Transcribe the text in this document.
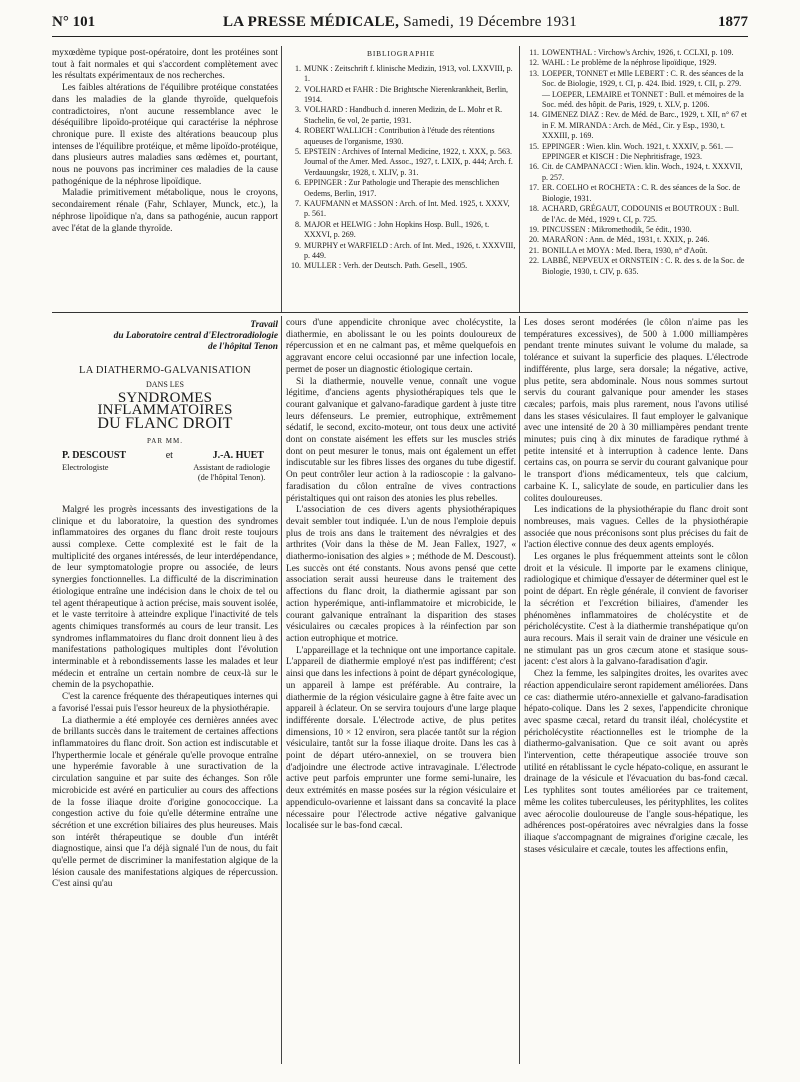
N° 101	LA PRESSE MÉDICALE, Samedi, 19 Décembre 1931	1877

myxœdème typique post-opératoire, dont les protéines sont tout à fait normales et qui s'accordent complètement avec les résultats expérimentaux de nos recherches.

Les faibles altérations de l'équilibre protéique constatées dans les maladies de la glande thyroïde, quelquefois contradictoires, n'ont aucune ressemblance avec le déséquilibre lipoïdo-protéique qui caractérise la néphrose chronique pure. Il existe des altérations beaucoup plus intenses de l'équilibre protéique, et même lipoïdo-protéique, dans plusieurs autres maladies sans œdèmes et, pourtant, nous ne pouvons pas incriminer ces maladies de la cause pathogénique de la néphrose lipoïdique.

Maladie primitivement métabolique, nous le croyons, secondairement rénale (Fahr, Schlayer, Munck, etc.), la néphrose lipoïdique n'a, dans sa pathogénie, aucun rapport avec l'état de la glande thyroïde.

BIBLIOGRAPHIE
1. MUNK : Zeitschrift f. klinische Medizin, 1913, vol. LXXVIII, p. 1.
2. VOLHARD et FAHR : Die Brightsche Nierenkrankheit, Berlin, 1914.
3. VOLHARD : Handbuch d. inneren Medizin, de L. Mohr et R. Stachelin, 6e vol, 2e partie, 1931.
4. ROBERT WALLICH : Contribution à l'étude des rétentions aqueuses de l'organisme, 1930.
5. EPSTEIN : Archives of Internal Medicine, 1922, t. XXX, p. 563. Journal of the Amer. Med. Assoc., 1927, t. LXIX, p. 444; Arch. f. Verdauungskr, 1928, t. XLIV, p. 31.
6. EPPINGER : Zur Pathologie und Therapie des menschlichen Oedems, Berlin, 1917.
7. KAUFMANN et MASSON : Arch. of Int. Med. 1925, t. XXXV, p. 561.
8. MAJOR et HELWIG : John Hopkins Hosp. Bull., 1926, t. XXXVI, p. 269.
9. MURPHY et WARFIELD : Arch. of Int. Med., 1926, t. XXXVIII, p. 449.
10. MULLER : Verh. der Deutsch. Path. Gesell., 1905.
11. LOWENTHAL : Virchow's Archiv, 1926, t. CCLXI, p. 109.
12. WAHL : Le problème de la néphrose lipoïdique, 1929.
13. LOEPER, TONNET et Mlle LEBERT : C. R. des séances de la Soc. de Biologie, 1929, t. CI, p. 424. Ibid. 1929, t. CII, p. 279. — LOEPER, LEMAIRE et TONNET : Bull. et mémoires de la Soc. méd. des hôpit. de Paris, 1929, t. XLV, p. 1206.
14. GIMENEZ DIAZ : Rev. de Méd. de Barc., 1929, t. XII, n° 67 et in F. M. MIRANDA : Arch. de Méd., Cir. y Esp., 1930, t. XXXIII, p. 169.
15. EPPINGER : Wien. klin. Woch. 1921, t. XXXIV, p. 561. — EPPINGER et KISCH : Die Nephritisfrage, 1923.
16. Cit. de CAMPANACCI : Wien. klin. Woch., 1924, t. XXXVII, p. 257.
17. ER. COELHO et ROCHETA : C. R. des séances de la Soc. de Biologie, 1931.
18. ACHARD, GRÉGAUT, CODOUNIS et BOUTROUX : Bull. de l'Ac. de Méd., 1929 t. CI, p. 725.
19. PINCUSSEN : Mikromethodik, 5e édit., 1930.
20. MARAÑON : Ann. de Méd., 1931, t. XXIX, p. 246.
21. BONILLA et MOYA : Med. Ibera, 1930, n° d'Août.
22. LABBÉ, NEPVEUX et ORNSTEIN : C. R. des s. de la Soc. de Biologie, 1930, t. CIV, p. 635.
Travail
du Laboratoire central d'Electroradiologie
de l'hôpital Tenon
LA DIATHERMO-GALVANISATION
DANS LES
SYNDROMES INFLAMMATOIRES
DU FLANC DROIT
PAR MM.
P. DESCOUST	et	J.-A. HUET
Electrologiste	Assistant de radiologie
(de l'hôpital Tenon).

Malgré les progrès incessants des investigations de la clinique et du laboratoire, la question des syndromes inflammatoires des organes du flanc droit reste toujours aussi complexe. Cette complexité est le fait de la multiplicité des organes intéressés, de leur interdépendance, de leur symptomatologie propre ou associée, de leurs synergies fonctionnelles. La difficulté de la discrimination étiologique entraîne une indécision dans le choix de tel ou tel agent thérapeutique à action précise, mais souvent isolée, et le vaste territoire à atteindre explique l'inactivité de tels agents chimiques transformés au cours de leur transit. Les syndromes inflammatoires du flanc droit donnent lieu à des manifestations pathologiques multiples dont l'évolution interminable et à rebondissements lasse les malades et leur médecin et entraîne un certain nombre de ceux-là sur le chemin de la psychopathie.

C'est la carence fréquente des thérapeutiques internes qui a favorisé l'essai puis l'essor heureux de la physiothérapie.

La diathermie a été employée ces dernières années avec de brillants succès dans le traitement de certaines affections inflammatoires du flanc droit. Son action est indiscutable et l'hyperthermie locale et générale qu'elle provoque entraîne une hyperémie favorable à une suractivation de la circulation sanguine et par suite des échanges. Son rôle microbicide est avéré en particulier au cours des affections de la fosse iliaque droite d'origine gonococcique. La congestion active du foie qu'elle détermine entraîne une sécrétion et une excrétion biliaires des plus heureuses. Mais son intérêt thérapeutique se double d'un intérêt diagnostique, ainsi que l'a déjà signalé l'un de nous, du fait qu'elle permet de discriminer la manifestation algique de la lésion causale des manifestations algiques de répercussion. C'est ainsi qu'au

cours d'une appendicite chronique avec cholécystite, la diathermie, en abolissant le ou les points douloureux de répercussion et en ne calmant pas, et même quelquefois en aggravant encore celui occasionné par une infection locale, permet de poser un diagnostic étiologique certain.

Si la diathermie, nouvelle venue, connaît une vogue légitime, d'anciens agents physiothérapiques tels que le courant galvanique et galvano-faradique gardent à juste titre leurs défenseurs. Le premier, eutrophique, extrêmement sédatif, le second, excito-moteur, ont tous deux une activité dont on constate aisément les effets sur les muscles striés dont on peut mesurer le tonus, mais ont également un effet indiscutable sur les fibres lisses des organes du tube digestif. On peut contrôler leur action à la radioscopie : la galvano-faradisation du côlon entraîne de vives contractions péristaltiques qui ont raison des atonies les plus rebelles.

L'association de ces divers agents physiothérapiques devait sembler tout indiquée. L'un de nous l'emploie depuis plus de trois ans dans le traitement des névralgies et des arthrites (Voir dans la thèse de M. Jean Fallex, 1927, « diathermo-ionisation des algies » ; méthode de M. Descoust). Les succès ont été constants. Nous avons pensé que cette association serait aussi heureuse dans le traitement des affections du flanc droit, la diathermie agissant par son action hyperémique, anti-inflammatoire et microbicide, le courant galvanique entraînant la disparition des stases vésiculaires ou cæcales propices à la réinfection par son action eutrophique et motrice.

L'appareillage et la technique ont une importance capitale. L'appareil de diathermie employé n'est pas indifférent; c'est ainsi que dans les infections à point de départ gynécologique, un appareil à lampe est préférable. Au contraire, la diathermie de la région vésiculaire gagne à être faite avec un appareil à éclateur. On se servira toujours d'une large plaque indifférente dorsale. L'électrode active, de plus petites dimensions, 10 × 12 environ, sera placée tantôt sur la région vésiculaire, tantôt sur la fosse iliaque droite. Dans les cas à point de départ utéro-annexiel, on se trouvera bien d'adjoindre une électrode active intravaginale. L'électrode active peut parfois emprunter une forme semi-lunaire, les deux extrémités en masse posées sur la région vésiculaire et appendiculo-ovarienne et laissant dans sa concavité la place nécessaire pour l'électrode active négative galvanique localisée sur le bas-fond cæcal.

Les doses seront modérées (le côlon n'aime pas les températures excessives), de 500 à 1.000 milliampères pendant trente minutes suivant le volume du malade, sa tolérance et suivant la superficie des plaques. L'électrode indifférente, plus large, sera dorsale; la négative, active, plus petite, sera abdominale. Nous nous sommes surtout servis du courant galvanique pour amender les stases cæcales; parfois, mais plus rarement, nous l'avons utilisé dans les stases vésiculaires. Il faut employer le galvanique avec une intensité de 20 à 30 milliampères pendant trente minutes; puis cinq à dix minutes de faradique rythmé à petite intensité et à interruption à cadence lente. Dans certains cas, on pourra se servir du courant galvanique pour le transport d'ions médicamenteux, tels que calcium, carbaine K. I., salicylate de soude, en particulier dans les colites douloureuses.

Les indications de la physiothérapie du flanc droit sont nombreuses, mais vagues. Celles de la physiothérapie associée que nous préconisons sont plus précises du fait de l'action élective connue des deux agents employés.

Les organes le plus fréquemment atteints sont le côlon droit et la vésicule. Il importe par le examens clinique, radiologique et chimique d'essayer de déterminer quel est le point de départ. En règle générale, il convient de favoriser la sécrétion et l'excrétion biliaires, d'amender les phénomènes inflammatoires de cholécystite et de péricholécystite. C'est à la diathermie transhépatique qu'on aura recours. Mais il serait vain de drainer une vésicule en ne stimulant pas un gros cæcum atone et stasique sous-jacent: c'est alors à la galvano-faradisation d'agir.

Chez la femme, les salpingites droites, les ovarites avec réaction appendiculaire seront rapidement améliorées. Dans ce cas: diathermie utéro-annexielle et galvano-faradisation hépato-colique. Dans les 2 sexes, l'appendicite chronique avec spasme cæcal, retard du transit iléal, cholécystite et péricholécystite réactionnelles est le triomphe de la diathermo-galvanisation. Que ce soit avant ou après l'intervention, cette thérapeutique associée trouve son utilité en rétablissant le cycle hépato-colique, en assurant le drainage de la vésicule et l'évacuation du bas-fond cæcal. Les typhlites sont toutes améliorées par ce traitement, même les colites tuberculeuses, les pérityphlites, les colites avec aérocolie douloureuse de l'angle sous-hépatique, les adhérences post-opératoires avec névralgies dans la fosse iliaque s'accompagnant de migraines d'origine cæcale, les stases vésiculaire et cæcale, toutes les affections enfin,
